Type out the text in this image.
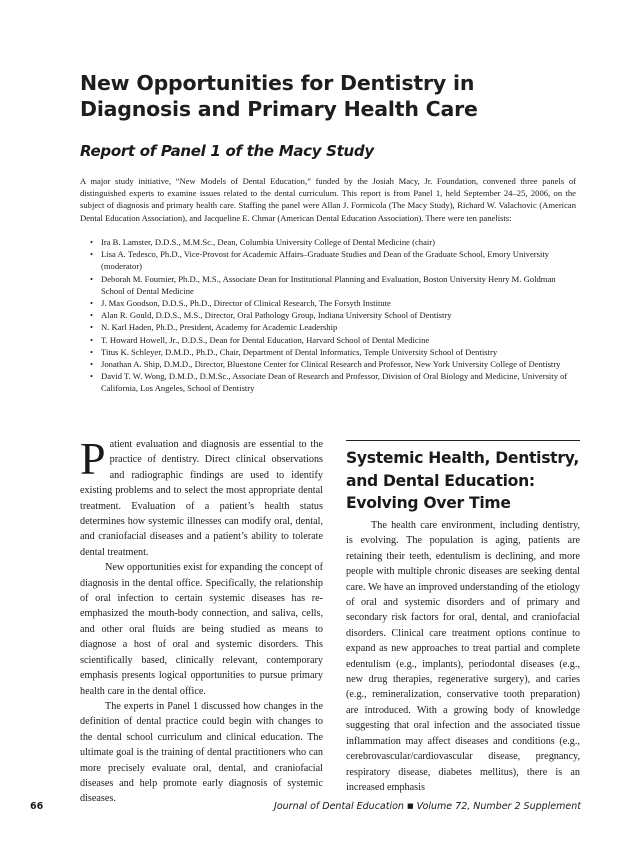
New Opportunities for Dentistry in
Diagnosis and Primary Health Care
Report of Panel 1 of the Macy Study

A major study initiative, “New Models of Dental Education,” funded by the Josiah Macy, Jr. Foundation, convened three panels of distinguished experts to examine issues related to the dental curriculum. This report is from Panel 1, held September 24–25, 2006, on the subject of diagnosis and primary health care. Staffing the panel were Allan J. Formicola (The Macy Study), Richard W. Valachovic (American Dental Education Association), and Jacqueline E. Chmar (American Dental Education Association). There were ten panelists:

• Ira B. Lamster, D.D.S., M.M.Sc., Dean, Columbia University College of Dental Medicine (chair)
• Lisa A. Tedesco, Ph.D., Vice-Provost for Academic Affairs–Graduate Studies and Dean of the Graduate School, Emory University (moderator)
• Deborah M. Fournier, Ph.D., M.S., Associate Dean for Institutional Planning and Evaluation, Boston University Henry M. Goldman School of Dental Medicine
• J. Max Goodson, D.D.S., Ph.D., Director of Clinical Research, The Forsyth Institute
• Alan R. Gould, D.D.S., M.S., Director, Oral Pathology Group, Indiana University School of Dentistry
• N. Karl Haden, Ph.D., President, Academy for Academic Leadership
• T. Howard Howell, Jr., D.D.S., Dean for Dental Education, Harvard School of Dental Medicine
• Titus K. Schleyer, D.M.D., Ph.D., Chair, Department of Dental Informatics, Temple University School of Dentistry
• Jonathan A. Ship, D.M.D., Director, Bluestone Center for Clinical Research and Professor, New York University College of Dentistry
• David T. W. Wong, D.M.D., D.M.Sc., Associate Dean of Research and Professor, Division of Oral Biology and Medicine, University of California, Los Angeles, School of Dentistry

Patient evaluation and diagnosis are essential to the practice of dentistry. Direct clinical observations and radiographic findings are used to identify existing problems and to select the most appropriate dental treatment. Evaluation of a patient’s health status determines how systemic illnesses can modify oral, dental, and craniofacial diseases and a patient’s ability to tolerate dental treatment.

New opportunities exist for expanding the concept of diagnosis in the dental office. Specifically, the relationship of oral infection to certain systemic diseases has re-emphasized the mouth-body connection, and saliva, cells, and other oral fluids are being studied as means to diagnose a host of oral and systemic disorders. This scientifically based, clinically relevant, contemporary emphasis presents logical opportunities to pursue primary health care in the dental office.

The experts in Panel 1 discussed how changes in the definition of dental practice could begin with changes to the dental school curriculum and clinical education. The ultimate goal is the training of dental practitioners who can more precisely evaluate oral, dental, and craniofacial diseases and help promote early diagnosis of systemic diseases.

Systemic Health, Dentistry,
and Dental Education:
Evolving Over Time

The health care environment, including dentistry, is evolving. The population is aging, patients are retaining their teeth, edentulism is declining, and more people with multiple chronic diseases are seeking dental care. We have an improved understanding of the etiology of oral and systemic disorders and of primary and secondary risk factors for oral, dental, and craniofacial disorders. Clinical care treatment options continue to expand as new approaches to treat partial and complete edentulism (e.g., implants), periodontal diseases (e.g., new drug therapies, regenerative surgery), and caries (e.g., remineralization, conservative tooth preparation) are introduced. With a growing body of knowledge suggesting that oral infection and the associated tissue inflammation may affect diseases and conditions (e.g., cerebrovascular/cardiovascular disease, pregnancy, respiratory disease, diabetes mellitus), there is an increased emphasis

66	Journal of Dental Education ■ Volume 72, Number 2 Supplement
